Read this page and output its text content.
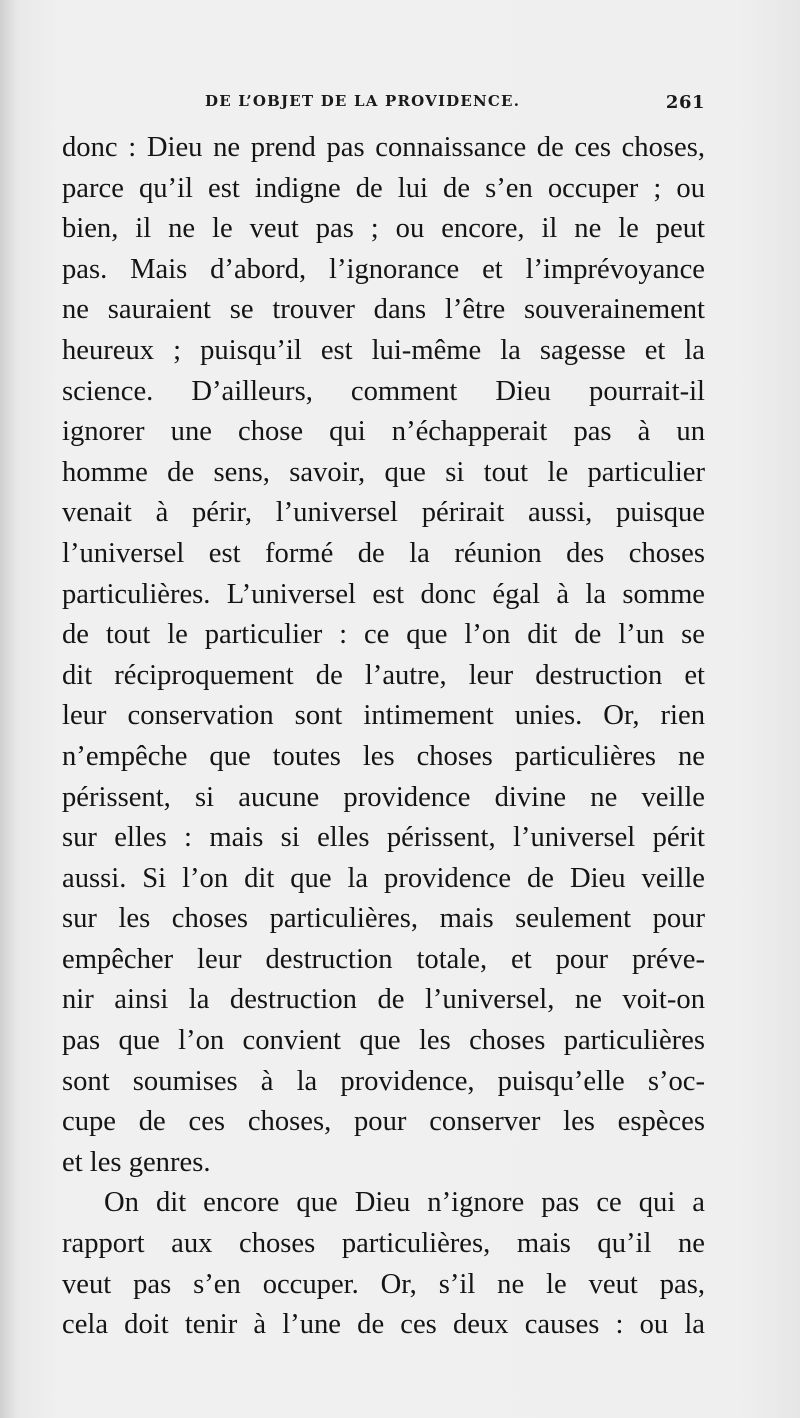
DE L’OBJET DE LA PROVIDENCE.	261
donc : Dieu ne prend pas connaissance de ces choses,
parce qu’il est indigne de lui de s’en occuper ; ou
bien, il ne le veut pas ; ou encore, il ne le peut
pas. Mais d’abord, l’ignorance et l’imprévoyance
ne sauraient se trouver dans l’être souverainement
heureux ; puisqu’il est lui-même la sagesse et la
science. D’ailleurs, comment Dieu pourrait-il
ignorer une chose qui n’échapperait pas à un
homme de sens, savoir, que si tout le particulier
venait à périr, l’universel périrait aussi, puisque
l’universel est formé de la réunion des choses
particulières. L’universel est donc égal à la somme
de tout le particulier : ce que l’on dit de l’un se
dit réciproquement de l’autre, leur destruction et
leur conservation sont intimement unies. Or, rien
n’empêche que toutes les choses particulières ne
périssent, si aucune providence divine ne veille
sur elles : mais si elles périssent, l’universel périt
aussi. Si l’on dit que la providence de Dieu veille
sur les choses particulières, mais seulement pour
empêcher leur destruction totale, et pour préve-
nir ainsi la destruction de l’universel, ne voit-on
pas que l’on convient que les choses particulières
sont soumises à la providence, puisqu’elle s’oc-
cupe de ces choses, pour conserver les espèces
et les genres.
On dit encore que Dieu n’ignore pas ce qui a
rapport aux choses particulières, mais qu’il ne
veut pas s’en occuper. Or, s’il ne le veut pas,
cela doit tenir à l’une de ces deux causes : ou la
